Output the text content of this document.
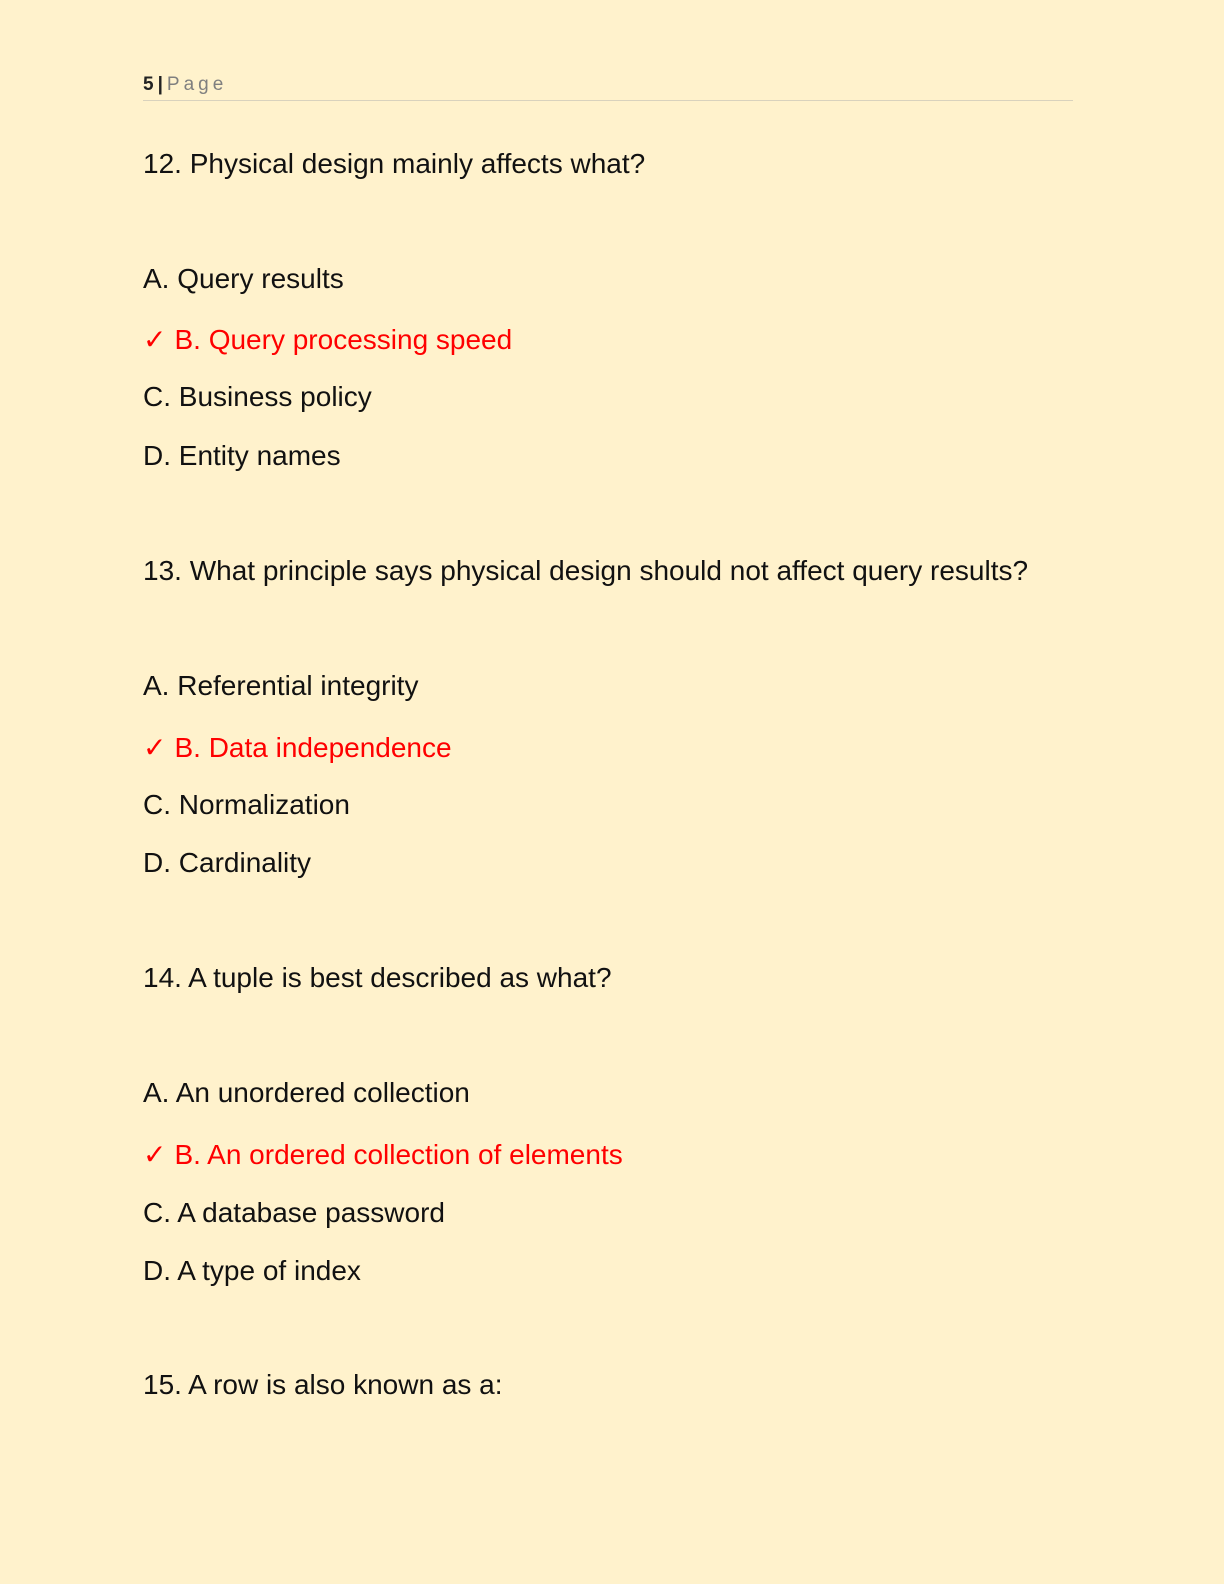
5 | Page
12. Physical design mainly affects what?
A. Query results
✓ B. Query processing speed
C. Business policy
D. Entity names
13. What principle says physical design should not affect query results?
A. Referential integrity
✓ B. Data independence
C. Normalization
D. Cardinality
14. A tuple is best described as what?
A. An unordered collection
✓ B. An ordered collection of elements
C. A database password
D. A type of index
15. A row is also known as a:
